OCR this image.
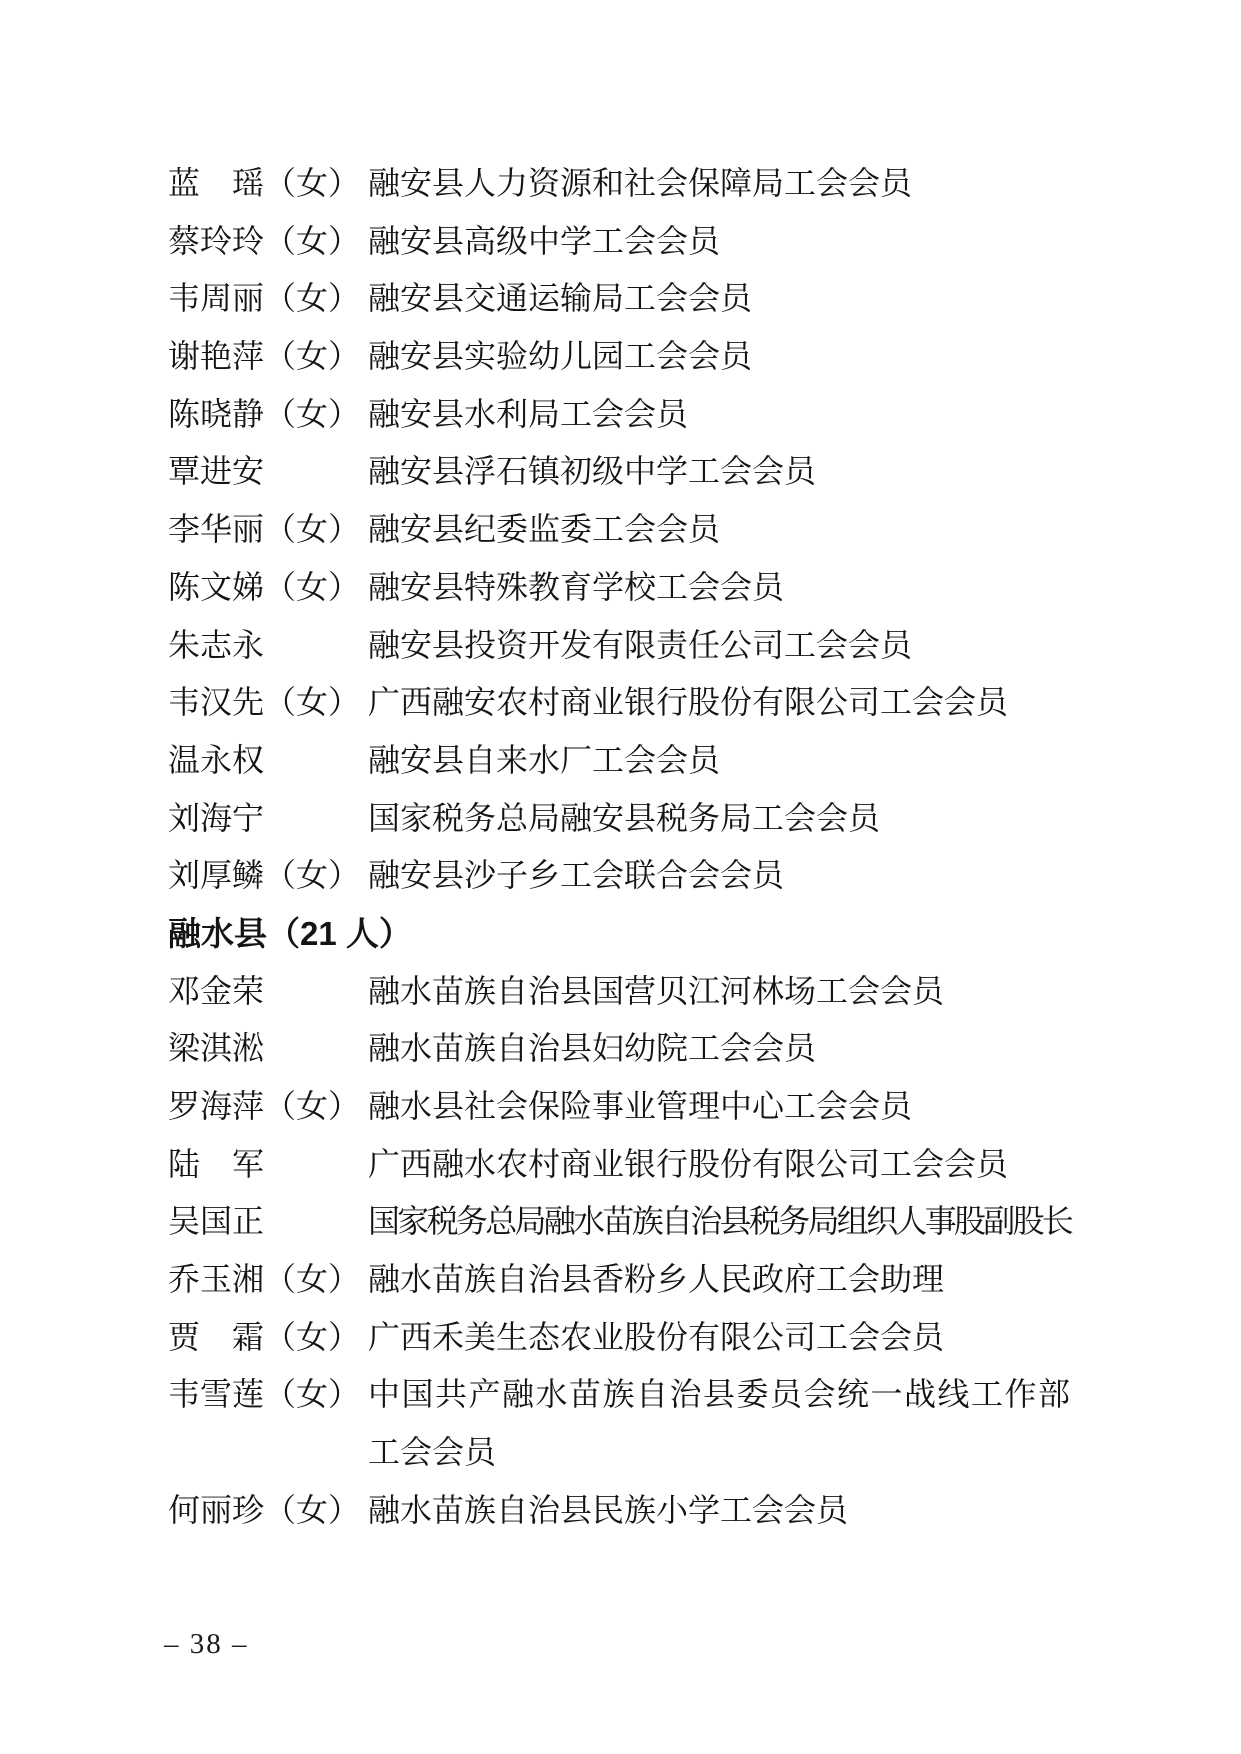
蓝　瑶 （女） 融安县人力资源和社会保障局工会会员
蔡玲玲 （女） 融安县高级中学工会会员
韦周丽 （女） 融安县交通运输局工会会员
谢艳萍 （女） 融安县实验幼儿园工会会员
陈晓静 （女） 融安县水利局工会会员
覃进安	融安县浮石镇初级中学工会会员
李华丽 （女） 融安县纪委监委工会会员
陈文娣 （女） 融安县特殊教育学校工会会员
朱志永	融安县投资开发有限责任公司工会会员
韦汉先 （女） 广西融安农村商业银行股份有限公司工会会员
温永权	融安县自来水厂工会会员
刘海宁	国家税务总局融安县税务局工会会员
刘厚鳞 （女） 融安县沙子乡工会联合会会员
融水县（21 人）
邓金荣	融水苗族自治县国营贝江河林场工会会员
梁淇淞	融水苗族自治县妇幼院工会会员
罗海萍 （女） 融水县社会保险事业管理中心工会会员
陆　军	广西融水农村商业银行股份有限公司工会会员
吴国正	国家税务总局融水苗族自治县税务局组织人事股副股长
乔玉湘 （女） 融水苗族自治县香粉乡人民政府工会助理
贾　霜 （女） 广西禾美生态农业股份有限公司工会会员
韦雪莲 （女） 中国共产融水苗族自治县委员会统一战线工作部
工会会员
何丽珍 （女） 融水苗族自治县民族小学工会会员
– 38 –
